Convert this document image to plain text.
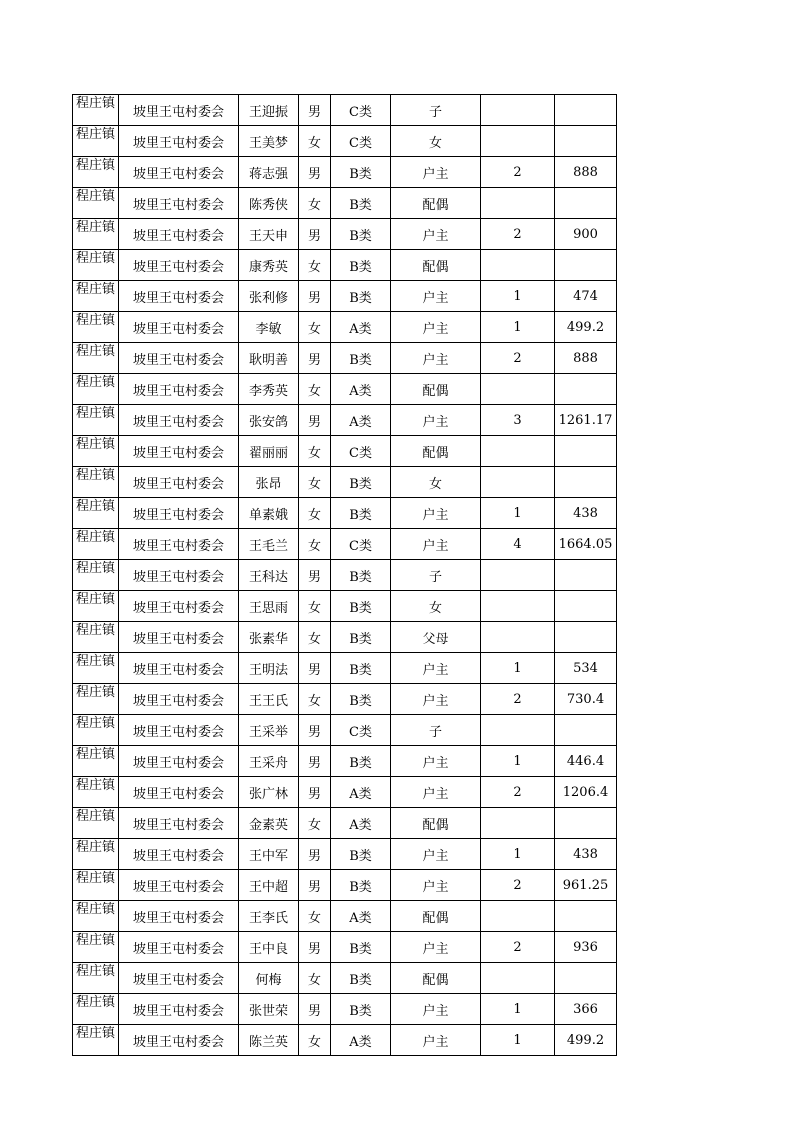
程庄镇	坡里王屯村委会	王迎振	男	C类	子		

程庄镇	坡里王屯村委会	王美梦	女	C类	女		

程庄镇	坡里王屯村委会	蒋志强	男	B类	户主	2	888

程庄镇	坡里王屯村委会	陈秀侠	女	B类	配偶		

程庄镇	坡里王屯村委会	王天申	男	B类	户主	2	900

程庄镇	坡里王屯村委会	康秀英	女	B类	配偶		

程庄镇	坡里王屯村委会	张利修	男	B类	户主	1	474

程庄镇	坡里王屯村委会	李敏	女	A类	户主	1	499.2

程庄镇	坡里王屯村委会	耿明善	男	B类	户主	2	888

程庄镇	坡里王屯村委会	李秀英	女	A类	配偶		

程庄镇	坡里王屯村委会	张安鸽	男	A类	户主	3	1261.17

程庄镇	坡里王屯村委会	翟丽丽	女	C类	配偶		

程庄镇	坡里王屯村委会	张昂	女	B类	女		

程庄镇	坡里王屯村委会	单素娥	女	B类	户主	1	438

程庄镇	坡里王屯村委会	王毛兰	女	C类	户主	4	1664.05

程庄镇	坡里王屯村委会	王科达	男	B类	子		

程庄镇	坡里王屯村委会	王思雨	女	B类	女		

程庄镇	坡里王屯村委会	张素华	女	B类	父母		

程庄镇	坡里王屯村委会	王明法	男	B类	户主	1	534

程庄镇	坡里王屯村委会	王王氏	女	B类	户主	2	730.4

程庄镇	坡里王屯村委会	王采举	男	C类	子		

程庄镇	坡里王屯村委会	王采舟	男	B类	户主	1	446.4

程庄镇	坡里王屯村委会	张广林	男	A类	户主	2	1206.4

程庄镇	坡里王屯村委会	金素英	女	A类	配偶		

程庄镇	坡里王屯村委会	王中军	男	B类	户主	1	438

程庄镇	坡里王屯村委会	王中超	男	B类	户主	2	961.25

程庄镇	坡里王屯村委会	王李氏	女	A类	配偶		

程庄镇	坡里王屯村委会	王中良	男	B类	户主	2	936

程庄镇	坡里王屯村委会	何梅	女	B类	配偶		

程庄镇	坡里王屯村委会	张世荣	男	B类	户主	1	366

程庄镇	坡里王屯村委会	陈兰英	女	A类	户主	1	499.2
